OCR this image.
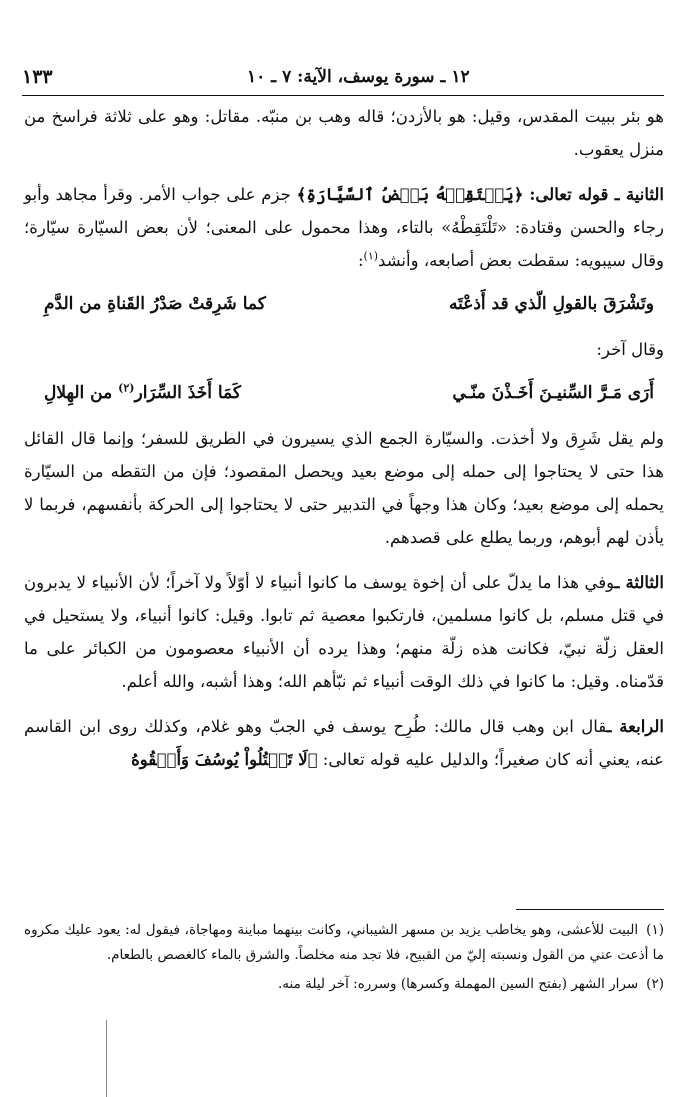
١٢ ـ سورة يوسف، الآية: ٧ ـ ١٠
١٣٣

هو بئر ببيت المقدس، وقيل: هو بالأزدن؛ قاله وهب بن منبّه. مقاتل: وهو على ثلاثة فراسخ من منزل يعقوب.

الثانية ـ قوله تعالى: ﴿يَلۡتَقِطۡهُ بَعۡضُ ٱلسَّيَّارَةِ﴾ جزم على جواب الأمر. وقرأ مجاهد وأبو رجاء والحسن وقتادة: «تَلْتَقِطْهُ» بالتاء، وهذا محمول على المعنى؛ لأن بعض السيّارة سيّارة؛ وقال سيبويه: سقطت بعض أصابعه، وأنشد$^{(١)}$:

وتَشْرَقَ بالقولِ الّذي قد أَذعْتَه
كما شَرِقتْ صَدْرُ القَناةِ من الدَّمِ

وقال آخر:

أَرَى مَـرَّ السِّنيـنَ أَخَـذْنَ منّـي
كَمَا أَخَذَ السِّرَار$^{(٢)}$ من الهِلالِ

ولم يقل شَرِق ولا أخذت. والسيّارة الجمع الذي يسيرون في الطريق للسفر؛ وإنما قال القائل هذا حتى لا يحتاجوا إلى حمله إلى موضع بعيد ويحصل المقصود؛ فإن من التقطه من السيّارة يحمله إلى موضع بعيد؛ وكان هذا وجهاً في التدبير حتى لا يحتاجوا إلى الحركة بأنفسهم، فربما لا يأذن لهم أبوهم، وربما يطلع على قصدهم.

الثالثة ـوفي هذا ما يدلّ على أن إخوة يوسف ما كانوا أنبياء لا أوّلاً ولا آخراً؛ لأن الأنبياء لا يدبرون في قتل مسلم، بل كانوا مسلمين، فارتكبوا معصية ثم تابوا. وقيل: كانوا أنبياء، ولا يستحيل في العقل زلّة نبيّ، فكانت هذه زلّة منهم؛ وهذا يرده أن الأنبياء معصومون من الكبائر على ما قدّمناه. وقيل: ما كانوا في ذلك الوقت أنبياء ثم نبّأهم الله؛ وهذا أشبه، والله أعلم.

الرابعة ـقال ابن وهب قال مالك: طُرِح يوسف في الجبّ وهو غلام، وكذلك روى ابن القاسم عنه، يعني أنه كان صغيراً؛ والدليل عليه قوله تعالى: ﴿لَا تَقۡتُلُواْ يُوسُفَ وَأَلۡقُوهُ

(١)البيت للأعشى، وهو يخاطب يزيد بن مسهر الشيباني، وكانت بينهما مباينة ومهاجاة، فيقول له: يعود عليك مكروه ما أذعت عني من القول ونسبته إليّ من القبيح، فلا تجد منه مخلصاً. والشرق بالماء كالغصص بالطعام.

(٢)سرار الشهر (بفتح السين المهملة وكسرها) وسرره: آخر ليلة منه.
